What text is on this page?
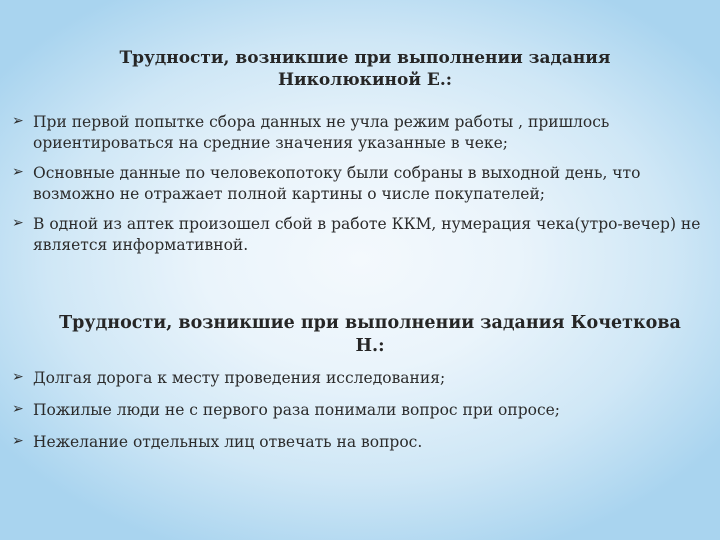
Трудности, возникшие при выполнении задания Николюкиной Е.:
➢ При первой попытке сбора данных не учла режим работы , пришлось ориентироваться на средние значения указанные в чеке;
➢ Основные данные по человекопотоку были собраны в выходной день, что возможно не отражает полной картины о числе покупателей;
➢ В одной из аптек произошел сбой в работе ККМ, нумерация чека(утро-вечер) не является информативной.
Трудности, возникшие при выполнении задания Кочеткова Н.:
➢ Долгая дорога к месту проведения исследования;
➢ Пожилые люди не с первого раза понимали вопрос при опросе;
➢ Нежелание отдельных лиц отвечать на вопрос.
